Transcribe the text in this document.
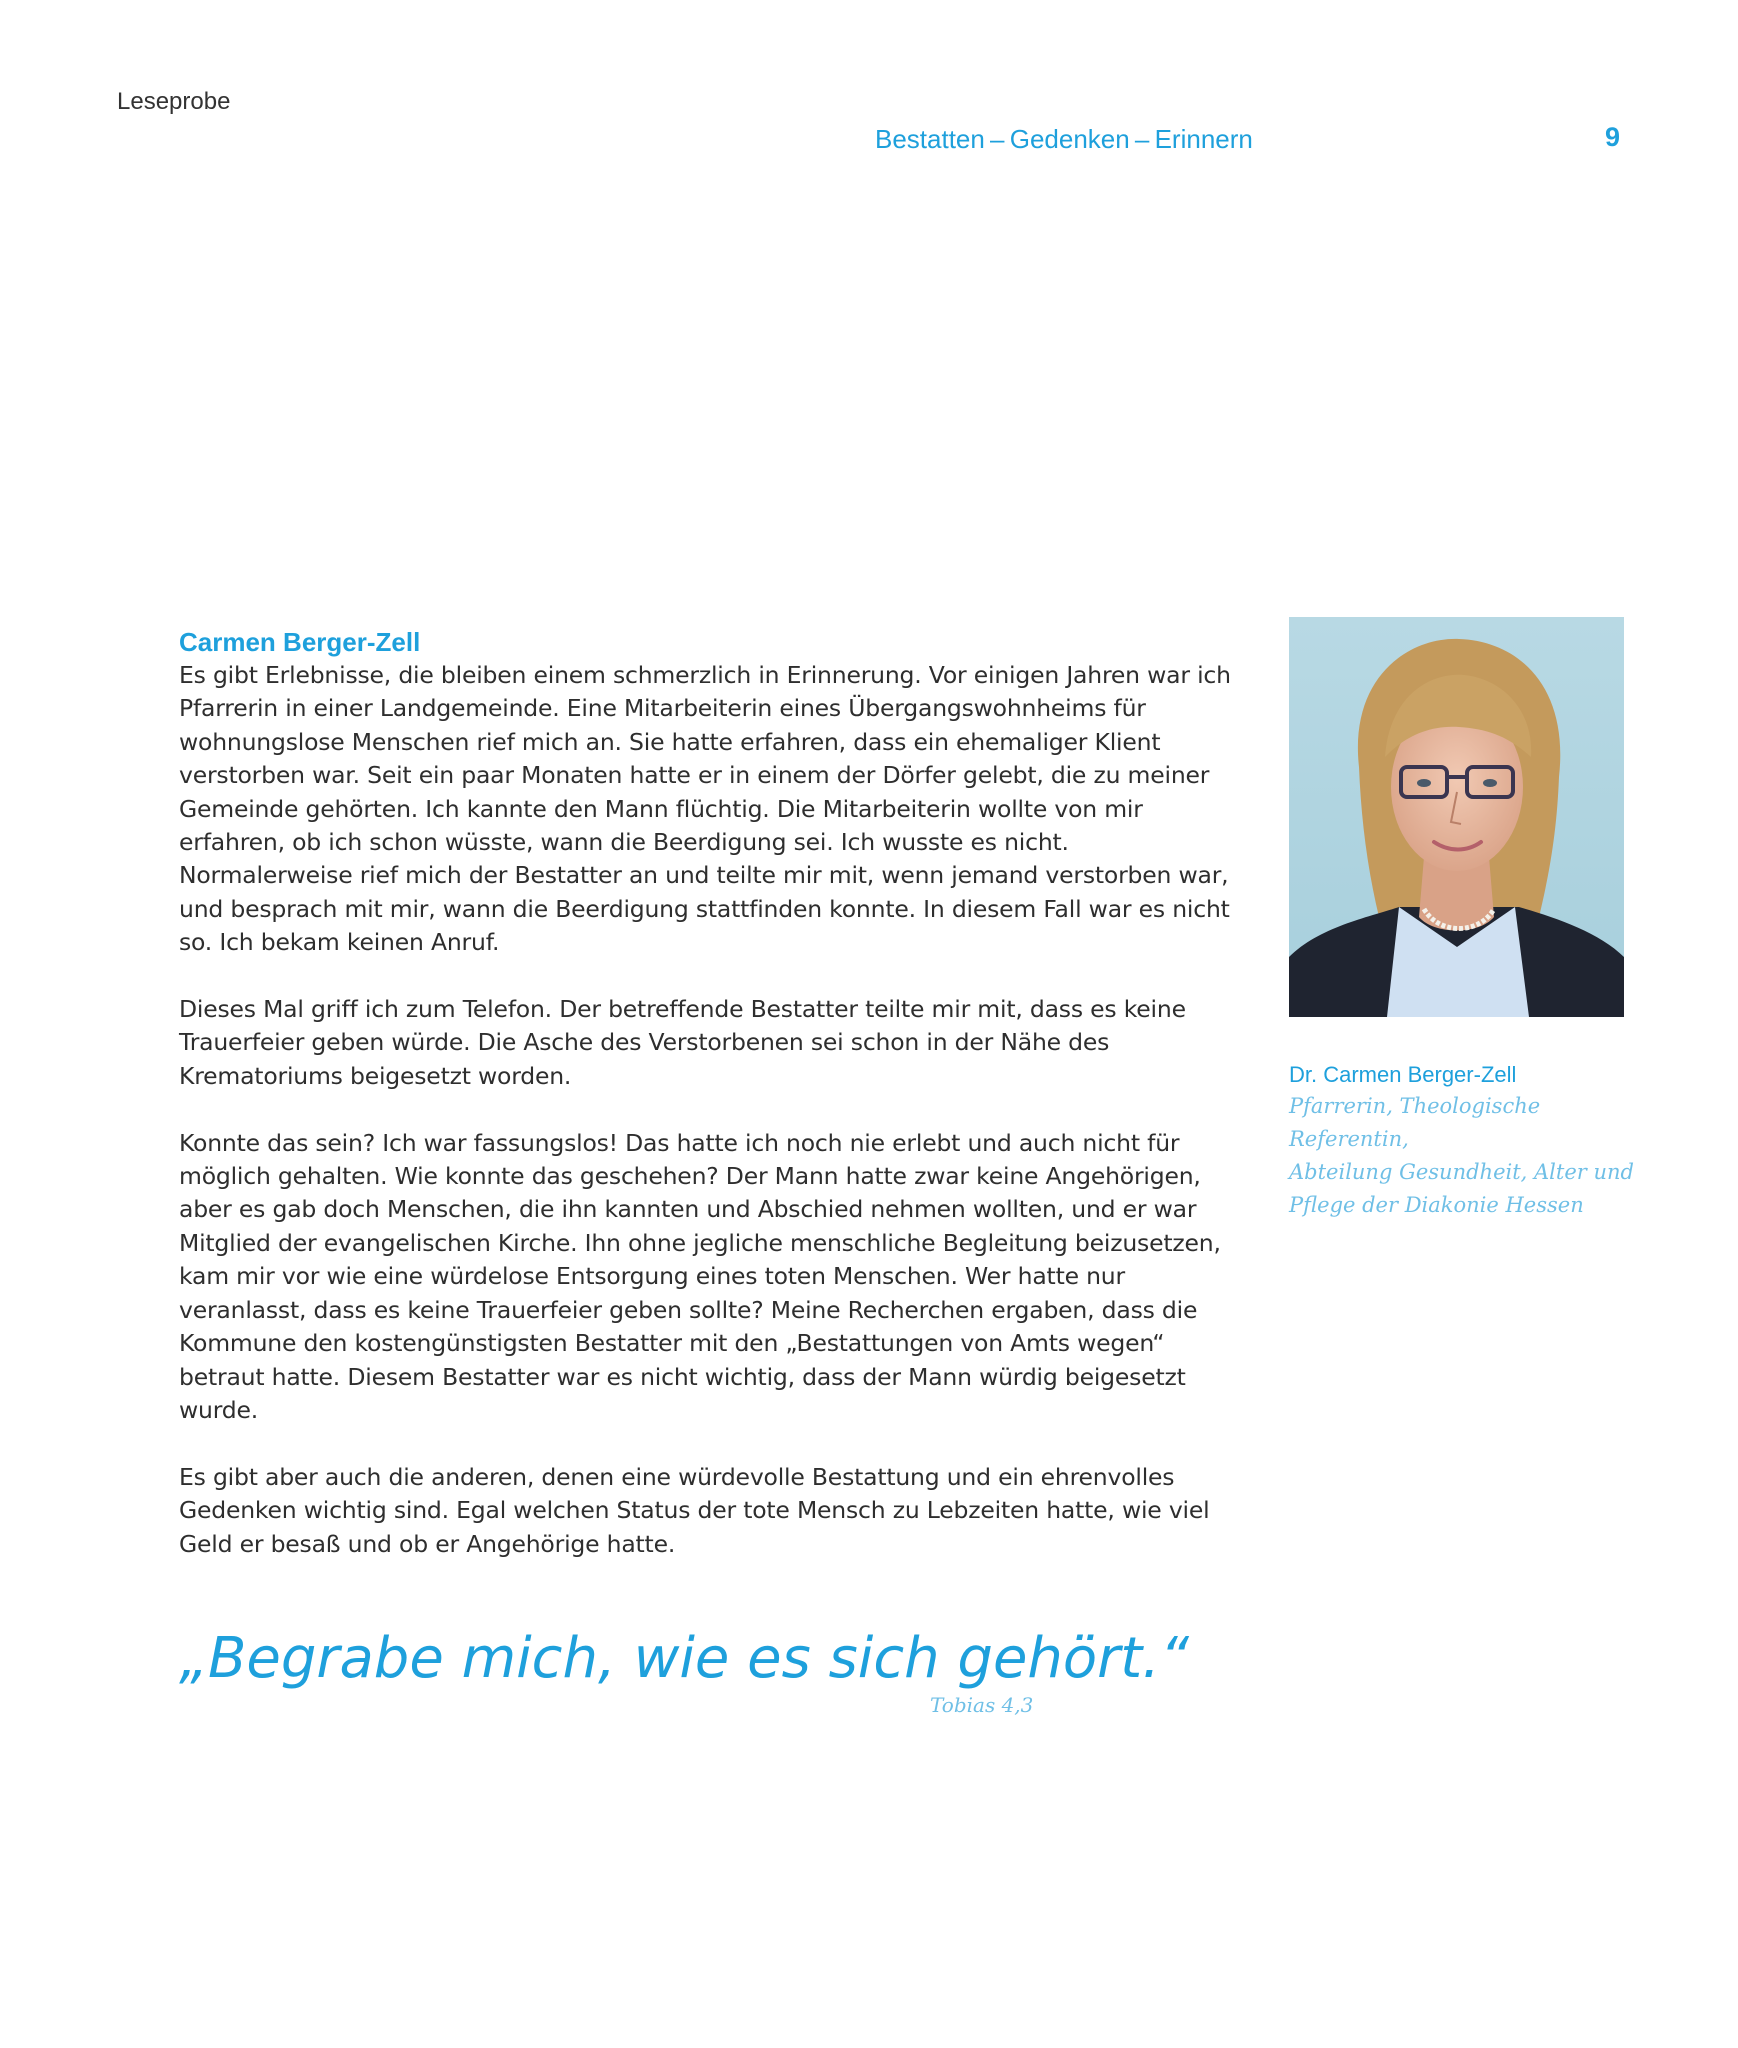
Leseprobe
Bestatten – Gedenken – Erinnern	9
Carmen Berger-Zell

Es gibt Erlebnisse, die bleiben einem schmerzlich in Erinnerung. Vor einigen Jahren war ich Pfarrerin in einer Landgemeinde. Eine Mitarbeiterin eines Übergangswohnheims für wohnungslose Menschen rief mich an. Sie hatte erfahren, dass ein ehemaliger Klient verstorben war. Seit ein paar Monaten hatte er in einem der Dörfer gelebt, die zu meiner Gemeinde gehörten. Ich kannte den Mann flüchtig. Die Mitarbeiterin wollte von mir erfahren, ob ich schon wüsste, wann die Beerdigung sei. Ich wusste es nicht. Normalerweise rief mich der Bestatter an und teilte mir mit, wenn jemand verstorben war, und besprach mit mir, wann die Beerdigung stattfinden konnte. In diesem Fall war es nicht so. Ich bekam keinen Anruf.

Dieses Mal griff ich zum Telefon. Der betreffende Bestatter teilte mir mit, dass es keine Trauerfeier geben würde. Die Asche des Verstorbenen sei schon in der Nähe des Krematoriums beigesetzt worden.

Konnte das sein? Ich war fassungslos! Das hatte ich noch nie erlebt und auch nicht für möglich gehalten. Wie konnte das geschehen? Der Mann hatte zwar keine Angehörigen, aber es gab doch Menschen, die ihn kannten und Abschied nehmen wollten, und er war Mitglied der evangelischen Kirche. Ihn ohne jegliche menschliche Begleitung beizusetzen, kam mir vor wie eine würdelose Entsorgung eines toten Menschen. Wer hatte nur veranlasst, dass es keine Trauerfeier geben sollte? Meine Recherchen ergaben, dass die Kommune den kostengünstigsten Bestatter mit den „Bestattungen von Amts wegen“ betraut hatte. Diesem Bestatter war es nicht wichtig, dass der Mann würdig beigesetzt wurde.

Es gibt aber auch die anderen, denen eine würdevolle Bestattung und ein ehrenvolles Gedenken wichtig sind. Egal welchen Status der tote Mensch zu Lebzeiten hatte, wie viel Geld er besaß und ob er Angehörige hatte.

Dr. Carmen Berger-Zell
Pfarrerin, Theologische Referentin,
Abteilung Gesundheit, Alter und
Pflege der Diakonie Hessen
„Begrabe mich, wie es sich gehört.“
Tobias 4,3
